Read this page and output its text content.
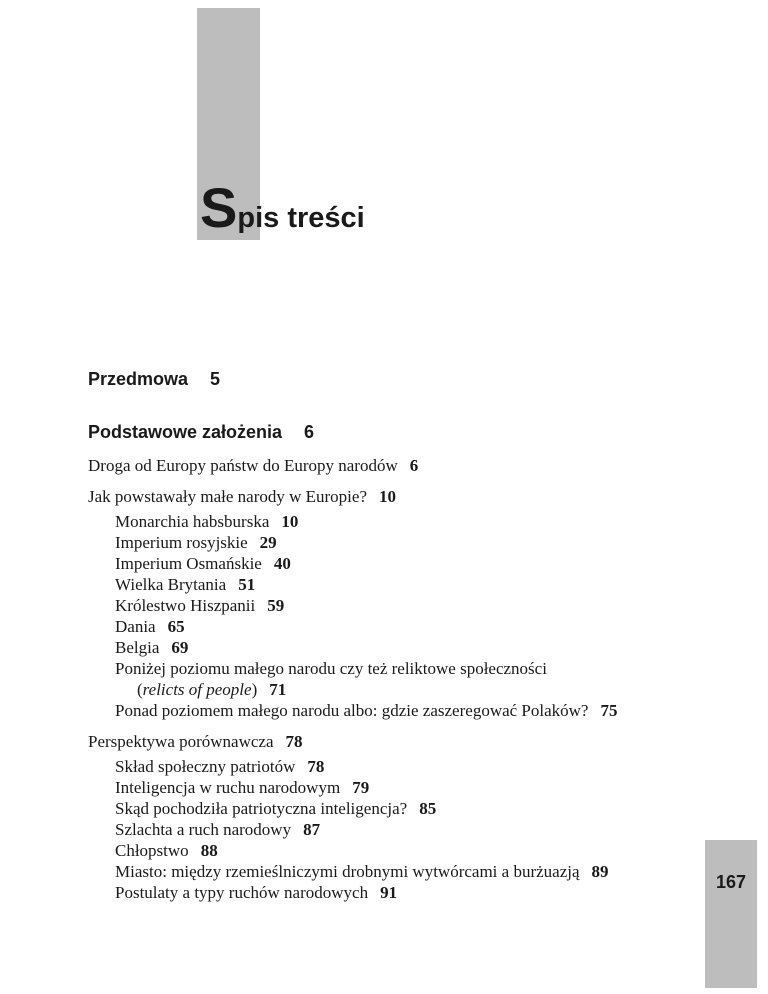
Spis treści
Przedmowa 5
Podstawowe założenia 6
Droga od Europy państw do Europy narodów 6
Jak powstawały małe narody w Europie? 10
Monarchia habsburska 10
Imperium rosyjskie 29
Imperium Osmańskie 40
Wielka Brytania 51
Królestwo Hiszpanii 59
Dania 65
Belgia 69
Poniżej poziomu małego narodu czy też reliktowe społeczności
(relicts of people) 71
Ponad poziomem małego narodu albo: gdzie zaszeregować Polaków? 75
Perspektywa porównawcza 78
Skład społeczny patriotów 78
Inteligencja w ruchu narodowym 79
Skąd pochodziła patriotyczna inteligencja? 85
Szlachta a ruch narodowy 87
Chłopstwo 88
Miasto: między rzemieślniczymi drobnymi wytwórcami a burżuazją 89
Postulaty a typy ruchów narodowych 91
167
